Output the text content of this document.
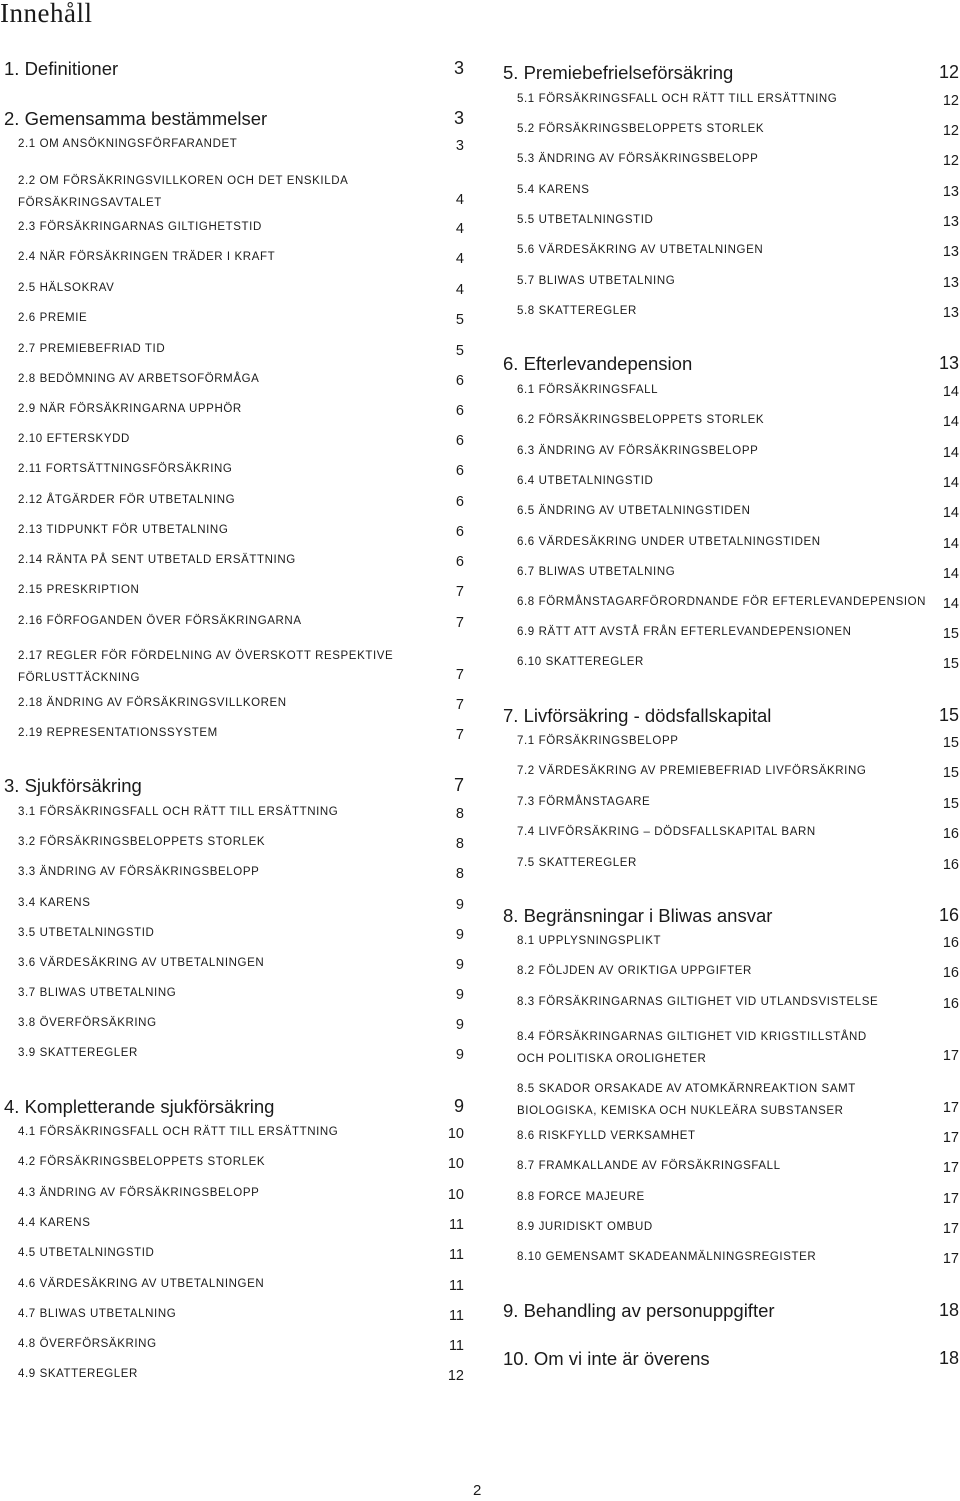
Innehåll
1. Definitioner	3
2. Gemensamma bestämmelser	3
2.1 OM ANSÖKNINGSFÖRFARANDET	3
2.2 OM FÖRSÄKRINGSVILLKOREN OCH DET ENSKILDA
FÖRSÄKRINGSAVTALET	4
2.3 FÖRSÄKRINGARNAS GILTIGHETSTID	4
2.4 NÄR FÖRSÄKRINGEN TRÄDER I KRAFT	4
2.5 HÄLSOKRAV	4
2.6 PREMIE	5
2.7 PREMIEBEFRIAD TID	5
2.8 BEDÖMNING AV ARBETSOFÖRMÅGA	6
2.9 NÄR FÖRSÄKRINGARNA UPPHÖR	6
2.10 EFTERSKYDD	6
2.11 FORTSÄTTNINGSFÖRSÄKRING	6
2.12 ÅTGÄRDER FÖR UTBETALNING	6
2.13 TIDPUNKT FÖR UTBETALNING	6
2.14 RÄNTA PÅ SENT UTBETALD ERSÄTTNING	6
2.15 PRESKRIPTION	7
2.16 FÖRFOGANDEN ÖVER FÖRSÄKRINGARNA	7
2.17 REGLER FÖR FÖRDELNING AV ÖVERSKOTT RESPEKTIVE
FÖRLUSTTÄCKNING	7
2.18 ÄNDRING AV FÖRSÄKRINGSVILLKOREN	7
2.19 REPRESENTATIONSSYSTEM	7
3. Sjukförsäkring	7
3.1 FÖRSÄKRINGSFALL OCH RÄTT TILL ERSÄTTNING	8
3.2 FÖRSÄKRINGSBELOPPETS STORLEK	8
3.3 ÄNDRING AV FÖRSÄKRINGSBELOPP	8
3.4 KARENS	9
3.5 UTBETALNINGSTID	9
3.6 VÄRDESÄKRING AV UTBETALNINGEN	9
3.7 BLIWAS UTBETALNING	9
3.8 ÖVERFÖRSÄKRING	9
3.9 SKATTEREGLER	9
4. Kompletterande sjukförsäkring	9
4.1 FÖRSÄKRINGSFALL OCH RÄTT TILL ERSÄTTNING	10
4.2 FÖRSÄKRINGSBELOPPETS STORLEK	10
4.3 ÄNDRING AV FÖRSÄKRINGSBELOPP	10
4.4 KARENS	11
4.5 UTBETALNINGSTID	11
4.6 VÄRDESÄKRING AV UTBETALNINGEN	11
4.7 BLIWAS UTBETALNING	11
4.8 ÖVERFÖRSÄKRING	11
4.9 SKATTEREGLER	12
5. Premiebefrielseförsäkring	12
5.1 FÖRSÄKRINGSFALL OCH RÄTT TILL ERSÄTTNING	12
5.2 FÖRSÄKRINGSBELOPPETS STORLEK	12
5.3 ÄNDRING AV FÖRSÄKRINGSBELOPP	12
5.4 KARENS	13
5.5 UTBETALNINGSTID	13
5.6 VÄRDESÄKRING AV UTBETALNINGEN	13
5.7 BLIWAS UTBETALNING	13
5.8 SKATTEREGLER	13
6. Efterlevandepension	13
6.1 FÖRSÄKRINGSFALL	14
6.2 FÖRSÄKRINGSBELOPPETS STORLEK	14
6.3 ÄNDRING AV FÖRSÄKRINGSBELOPP	14
6.4 UTBETALNINGSTID	14
6.5 ÄNDRING AV UTBETALNINGSTIDEN	14
6.6 VÄRDESÄKRING UNDER UTBETALNINGSTIDEN	14
6.7 BLIWAS UTBETALNING	14
6.8 FÖRMÅNSTAGARFÖRORDNANDE FÖR EFTERLEVANDEPENSION 14
6.9 RÄTT ATT AVSTÅ FRÅN EFTERLEVANDEPENSIONEN	15
6.10 SKATTEREGLER	15
7. Livförsäkring - dödsfallskapital	15
7.1 FÖRSÄKRINGSBELOPP	15
7.2 VÄRDESÄKRING AV PREMIEBEFRIAD LIVFÖRSÄKRING	15
7.3 FÖRMÅNSTAGARE	15
7.4 LIVFÖRSÄKRING – DÖDSFALLSKAPITAL BARN	16
7.5 SKATTEREGLER	16
8. Begränsningar i Bliwas ansvar	16
8.1 UPPLYSNINGSPLIKT	16
8.2 FÖLJDEN AV ORIKTIGA UPPGIFTER	16
8.3 FÖRSÄKRINGARNAS GILTIGHET VID UTLANDSVISTELSE	16
8.4 FÖRSÄKRINGARNAS GILTIGHET VID KRIGSTILLSTÅND
OCH POLITISKA OROLIGHETER	17
8.5 SKADOR ORSAKADE AV ATOMKÄRNREAKTION SAMT
BIOLOGISKA, KEMISKA OCH NUKLEÄRA SUBSTANSER	17
8.6 RISKFYLLD VERKSAMHET	17
8.7 FRAMKALLANDE AV FÖRSÄKRINGSFALL	17
8.8 FORCE MAJEURE	17
8.9 JURIDISKT OMBUD	17
8.10 GEMENSAMT SKADEANMÄLNINGSREGISTER	17
9. Behandling av personuppgifter	18
10. Om vi inte är överens	18
2
